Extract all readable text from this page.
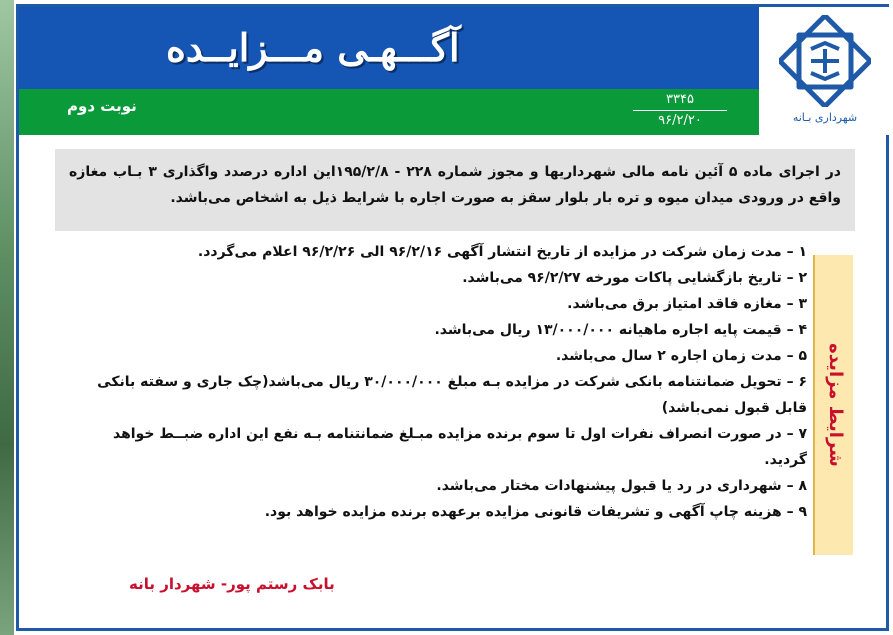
آگـــهـی مـــزایــده
نوبت دوم	۳۳۴۵
۹۶/۲/۲۰	شهرداری بـانه
در اجرای ماده ۵ آئین نامه مالی شهرداریها و مجوز شماره ۲۲۸ - ۱۹۵/۲/۸این اداره درصدد واگذاری ۳ بـاب مغازه واقع در ورودی میدان میوه و تره بار بلوار سقز به صورت اجاره با شرایط ذیل به اشخاص می‌باشد.
۱ – مدت زمان شرکت در مزایده از تاریخ انتشار آگهی ۹۶/۲/۱۶ الی ۹۶/۲/۲۶ اعلام می‌گردد.
۲ – تاریخ بازگشایی پاکات مورخه ۹۶/۲/۲۷ می‌باشد.
۳ – مغازه فاقد امتیاز برق می‌باشد.
۴ – قیمت پایه اجاره ماهیانه ۱۳/۰۰۰/۰۰۰ ریال می‌باشد.
۵ – مدت زمان اجاره ۲ سال می‌باشد.
۶ – تحویل ضمانتنامه بانکی شرکت در مزایده بـه مبلغ ۳۰/۰۰۰/۰۰۰ ریال می‌باشد(چک جاری و سفته بانکی قابل قبول نمی‌باشد)
۷ – در صورت انصراف نفرات اول تا سوم برنده مزایده مبـلغ ضمانتنامه بـه نفع این اداره ضبــط خواهد گردید.
۸ – شهرداری در رد یا قبول پیشنهادات مختار می‌باشد.
۹ – هزینه چاپ آگهی و تشریفات قانونی مزایده برعهده برنده مزایده خواهد بود.
شرایط مزایده
بابک رستم پور- شهردار بانه
